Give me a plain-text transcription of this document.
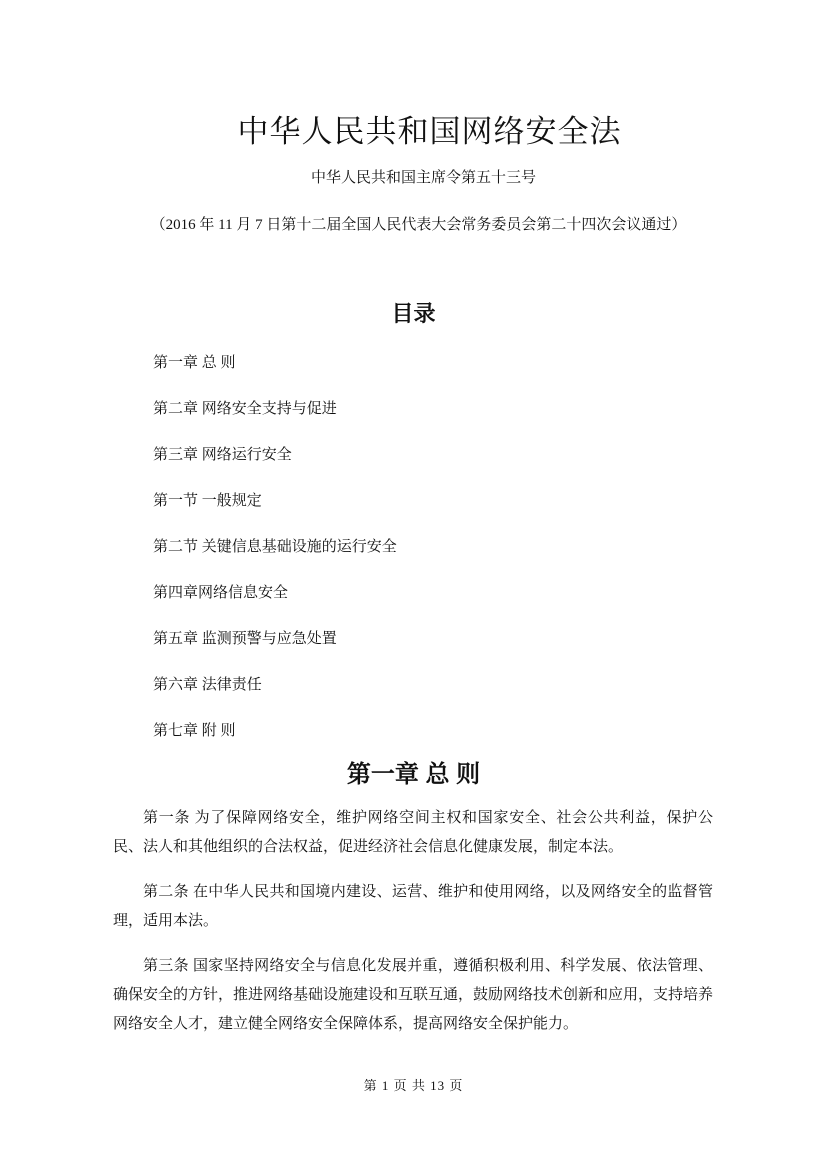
中华人民共和国网络安全法
中华人民共和国主席令第五十三号
（2016 年 11 月 7 日第十二届全国人民代表大会常务委员会第二十四次会议通过）
目录
第一章 总 则
第二章 网络安全支持与促进
第三章 网络运行安全
第一节 一般规定
第二节 关键信息基础设施的运行安全
第四章网络信息安全
第五章 监测预警与应急处置
第六章 法律责任
第七章 附 则
第一章 总 则

第一条 为了保障网络安全，维护网络空间主权和国家安全、社会公共利益，保护公民、法人和其他组织的合法权益，促进经济社会信息化健康发展，制定本法。

第二条 在中华人民共和国境内建设、运营、维护和使用网络，以及网络安全的监督管理，适用本法。

第三条 国家坚持网络安全与信息化发展并重，遵循积极利用、科学发展、依法管理、确保安全的方针，推进网络基础设施建设和互联互通，鼓励网络技术创新和应用，支持培养网络安全人才，建立健全网络安全保障体系，提高网络安全保护能力。

第 1 页 共 13 页
